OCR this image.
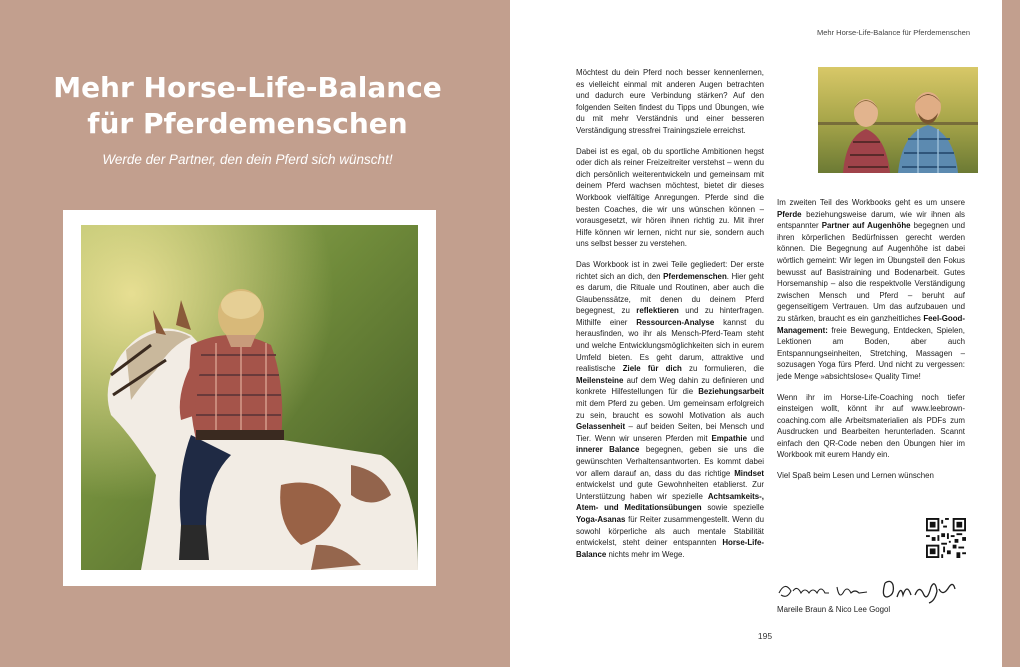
Mehr Horse-Life-Balance
für Pferdemenschen
Werde der Partner, den dein Pferd sich wünscht!
Mehr Horse-Life-Balance für Pferdemenschen

Möchtest du dein Pferd noch besser kennenlernen, es vielleicht einmal mit anderen Augen betrachten und dadurch eure Verbindung stärken? Auf den folgenden Seiten findest du Tipps und Übungen, wie du mit mehr Verständnis und einer besseren Verständigung stressfrei Trainingsziele erreichst.

Dabei ist es egal, ob du sportliche Ambitionen hegst oder dich als reiner Freizeitreiter verstehst – wenn du dich persönlich weiterentwickeln und gemeinsam mit deinem Pferd wachsen möchtest, bietet dir dieses Workbook vielfältige Anregungen. Pferde sind die besten Coaches, die wir uns wünschen können – vorausgesetzt, wir hören ihnen richtig zu. Mit ihrer Hilfe können wir lernen, nicht nur sie, sondern auch uns selbst besser zu verstehen.

Das Workbook ist in zwei Teile gegliedert: Der erste richtet sich an dich, den Pferdemenschen. Hier geht es darum, die Rituale und Routinen, aber auch die Glaubenssätze, mit denen du deinem Pferd begegnest, zu reflektieren und zu hinterfragen. Mithilfe einer Ressourcen-Analyse kannst du herausfinden, wo ihr als Mensch-Pferd-Team steht und welche Entwicklungsmöglichkeiten sich in eurem Umfeld bieten. Es geht darum, attraktive und realistische Ziele für dich zu formulieren, die Meilensteine auf dem Weg dahin zu definieren und konkrete Hilfestellungen für die Beziehungsarbeit mit dem Pferd zu geben. Um gemeinsam erfolgreich zu sein, braucht es sowohl Motivation als auch Gelassenheit – auf beiden Seiten, bei Mensch und Tier. Wenn wir unseren Pferden mit Empathie und innerer Balance begegnen, geben sie uns die gewünschten Verhaltensantworten. Es kommt dabei vor allem darauf an, dass du das richtige Mindset entwickelst und gute Gewohnheiten etablierst. Zur Unterstützung haben wir spezielle Achtsamkeits-, Atem- und Meditationsübungen sowie spezielle Yoga-Asanas für Reiter zusammengestellt. Wenn du sowohl körperliche als auch mentale Stabilität entwickelst, steht deiner entspannten Horse-Life-Balance nichts mehr im Wege.

Im zweiten Teil des Workbooks geht es um unsere Pferde beziehungsweise darum, wie wir ihnen als entspannter Partner auf Augenhöhe begegnen und ihren körperlichen Bedürfnissen gerecht werden können. Die Begegnung auf Augenhöhe ist dabei wörtlich gemeint: Wir legen im Übungsteil den Fokus bewusst auf Basistraining und Bodenarbeit. Gutes Horsemanship – also die respektvolle Verständigung zwischen Mensch und Pferd – beruht auf gegenseitigem Vertrauen. Um das aufzubauen und zu stärken, braucht es ein ganzheitliches Feel-Good-Management: freie Bewegung, Entdecken, Spielen, Lektionen am Boden, aber auch Entspannungseinheiten, Stretching, Massagen – sozusagen Yoga fürs Pferd. Und nicht zu vergessen: jede Menge »absichtslose« Quality Time!

Wenn ihr im Horse-Life-Coaching noch tiefer einsteigen wollt, könnt ihr auf www.leebrown-coaching.com alle Arbeitsmaterialien als PDFs zum Ausdrucken und Bearbeiten herunterladen. Scannt einfach den QR-Code neben den Übungen hier im Workbook mit eurem Handy ein.

Viel Spaß beim Lesen und Lernen wünschen

Mareile Braun & Nico Lee Gogol
195
